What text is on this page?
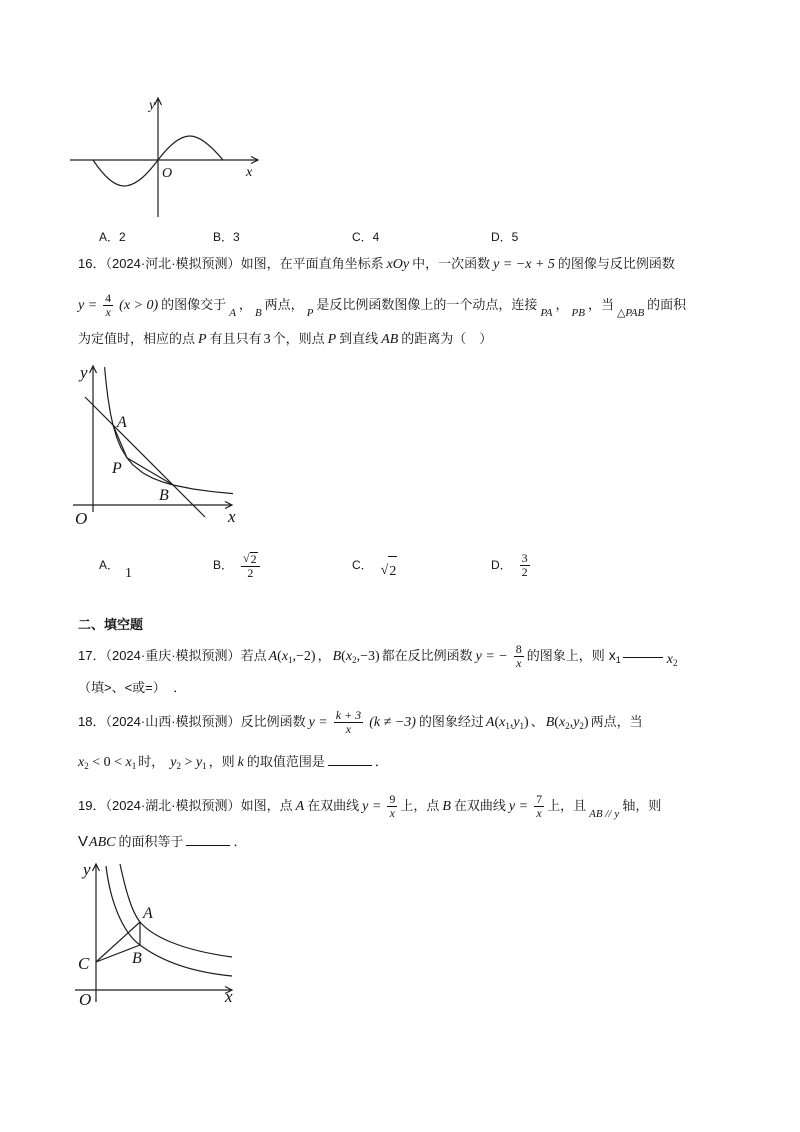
y
x
O
A．2	B．3	C．4	D．5
16．（2024·河北·模拟预测）如图，在平面直角坐标系 xOy 中，一次函数 y = −x + 5 的图像与反比例函数
$y = \frac{4}{x} (x > 0)$ 的图像交于$_A$，$_B$两点，$_P$是反比例函数图像上的一个动点，连接$_{PA}$，$_{PB}$，当$_{\triangle PAB}$的面积
为定值时，相应的点 P 有且只有 3 个，则点 P 到直线 AB 的距离为（　）
y
x
O
A
P
B
A．1
B． $\frac{√ 2}{2}$	C． √ 2	D． $\frac{3}{2}$
二、填空题
17．（2024·重庆·模拟预测）若点 $A(x_1,-2)$ ， $B(x_2,-3)$ 都在反比例函数 y = − $\frac{8}{x}$ 的图象上，则 $x_1$	$x_2$
（填>、<或=） ．
18．（2024·山西·模拟预测）反比例函数 $y = \frac{k + 3}{x} (k \ne -3)$ 的图象经过 $A(x_1,y_1)$ 、 $B(x_2,y_2)$ 两点，当
$x_2 < 0 < x_1$ 时， $y_2 > y_1$ ，则 k 的取值范围是	．
19．（2024·湖北·模拟预测）如图，点 A 在双曲线 $y = \frac{9}{x}$ 上，点 B 在双曲线 $y = \frac{7}{x}$ 上，且$_{AB //}$ $_y$轴，则
VABC 的面积等于	．
y
x
O
A
B
C
